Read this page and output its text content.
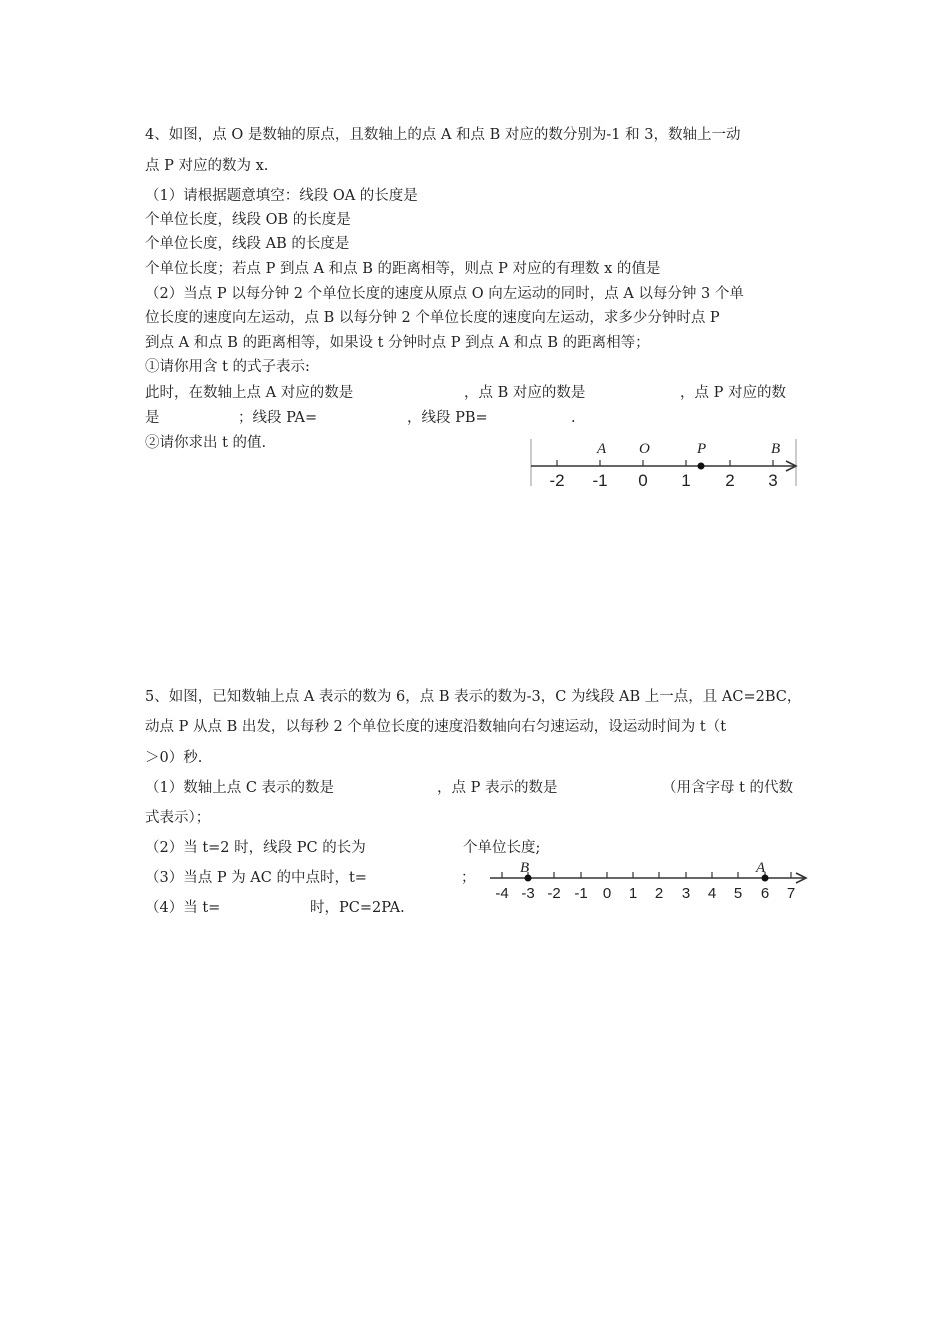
4、如图，点 O 是数轴的原点，且数轴上的点 A 和点 B 对应的数分别为-1 和 3，数轴上一动
点 P 对应的数为 x.
（1）请根据题意填空：线段 OA 的长度是
个单位长度，线段 OB 的长度是
个单位长度，线段 AB 的长度是
个单位长度；若点 P 到点 A 和点 B 的距离相等，则点 P 对应的有理数 x 的值是
（2）当点 P 以每分钟 2 个单位长度的速度从原点 O 向左运动的同时，点 A 以每分钟 3 个单
位长度的速度向左运动，点 B 以每分钟 2 个单位长度的速度向左运动，求多少分钟时点 P
到点 A 和点 B 的距离相等，如果设 t 分钟时点 P 到点 A 和点 B 的距离相等；
①请你用含 t 的式子表示:
此时，在数轴上点 A 对应的数是	，点 B 对应的数是	，点 P 对应的数
是	；线段 PA=	，线段 PB=	.
②请你求出 t 的值.	A O	P	B
-2 -1 0 1 2 3
5、如图，已知数轴上点 A 表示的数为 6，点 B 表示的数为-3，C 为线段 AB 上一点，且 AC=2BC，
动点 P 从点 B 出发，以每秒 2 个单位长度的速度沿数轴向右匀速运动，设运动时间为 t（t
＞0）秒.
（1）数轴上点 C 表示的数是	，点 P 表示的数是	（用含字母 t 的代数
式表示）；
（2）当 t=2 时，线段 PC 的长为	个单位长度;
（3）当点 P 为 AC 的中点时，t=	；
（4）当 t=	时，PC=2PA.
B	A
-4 -3 -2 -1 0 1 2 3 4 5 6 7
